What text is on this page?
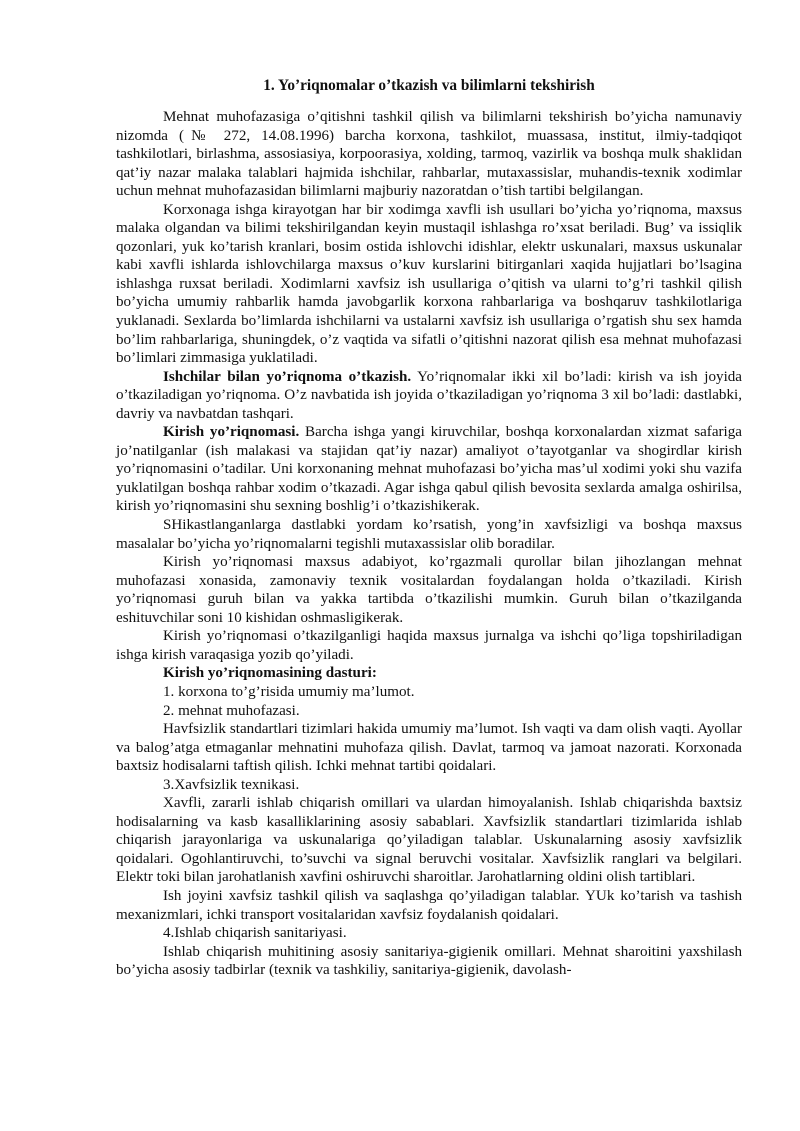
1. Yo’riqnomalar o’tkazish va bilimlarni tekshirish

Mehnat muhofazasiga o’qitishni tashkil qilish va bilimlarni tekshirish bo’yicha namunaviy nizomda (№ 272, 14.08.1996) barcha korxona, tashkilot, muassasa, institut, ilmiy-tadqiqot tashkilotlari, birlashma, assosiasiya, korpoorasiya, xolding, tarmoq, vazirlik va boshqa mulk shaklidan qat’iy nazar malaka talablari hajmida ishchilar, rahbarlar, mutaxassislar, muhandis-texnik xodimlar uchun mehnat muhofazasidan bilimlarni majburiy nazoratdan o’tish tartibi belgilangan.

Korxonaga ishga kirayotgan har bir xodimga xavfli ish usullari bo’yicha yo’riqnoma, maxsus malaka olgandan va bilimi tekshirilgandan keyin mustaqil ishlashga ro’xsat beriladi. Bug’ va issiqlik qozonlari, yuk ko’tarish kranlari, bosim ostida ishlovchi idishlar, elektr uskunalari, maxsus uskunalar kabi xavfli ishlarda ishlovchilarga maxsus o’kuv kurslarini bitirganlari xaqida hujjatlari bo’lsagina ishlashga ruxsat beriladi. Xodimlarni xavfsiz ish usullariga o’qitish va ularni to’g’ri tashkil qilish bo’yicha umumiy rahbarlik hamda javobgarlik korxona rahbarlariga va boshqaruv tashkilotlariga yuklanadi. Sexlarda bo’limlarda ishchilarni va ustalarni xavfsiz ish usullariga o’rgatish shu sex hamda bo’lim rahbarlariga, shuningdek, o’z vaqtida va sifatli o’qitishni nazorat qilish esa mehnat muhofazasi bo’limlari zimmasiga yuklatiladi.

Ishchilar bilan yo’riqnoma o’tkazish. Yo’riqnomalar ikki xil bo’ladi: kirish va ish joyida o’tkaziladigan yo’riqnoma. O’z navbatida ish joyida o’tkaziladigan yo’riqnoma 3 xil bo’ladi: dastlabki, davriy va navbatdan tashqari.

Kirish yo’riqnomasi. Barcha ishga yangi kiruvchilar, boshqa korxonalardan xizmat safariga jo’natilganlar (ish malakasi va stajidan qat’iy nazar) amaliyot o’tayotganlar va shogirdlar kirish yo’riqnomasini o’tadilar. Uni korxonaning mehnat muhofazasi bo’yicha mas’ul xodimi yoki shu vazifa yuklatilgan boshqa rahbar xodim o’tkazadi. Agar ishga qabul qilish bevosita sexlarda amalga oshirilsa, kirish yo’riqnomasini shu sexning boshlig’i o’tkazishikerak.

SHikastlanganlarga dastlabki yordam ko’rsatish, yong’in xavfsizligi va boshqa maxsus masalalar bo’yicha yo’riqnomalarni tegishli mutaxassislar olib boradilar.

Kirish yo’riqnomasi maxsus adabiyot, ko’rgazmali qurollar bilan jihozlangan mehnat muhofazasi xonasida, zamonaviy texnik vositalardan foydalangan holda o’tkaziladi. Kirish yo’riqnomasi guruh bilan va yakka tartibda o’tkazilishi mumkin. Guruh bilan o’tkazilganda eshituvchilar soni 10 kishidan oshmasligikerak.

Kirish yo’riqnomasi o’tkazilganligi haqida maxsus jurnalga va ishchi qo’liga topshiriladigan ishga kirish varaqasiga yozib qo’yiladi.

Kirish yo’riqnomasining dasturi:

1. korxona to’g’risida umumiy ma’lumot.

2. mehnat muhofazasi.

Havfsizlik standartlari tizimlari hakida umumiy ma’lumot. Ish vaqti va dam olish vaqti. Ayollar va balog’atga etmaganlar mehnatini muhofaza qilish. Davlat, tarmoq va jamoat nazorati. Korxonada baxtsiz hodisalarni taftish qilish. Ichki mehnat tartibi qoidalari.

3.Xavfsizlik texnikasi.

Xavfli, zararli ishlab chiqarish omillari va ulardan himoyalanish. Ishlab chiqarishda baxtsiz hodisalarning va kasb kasalliklarining asosiy sabablari. Xavfsizlik standartlari tizimlarida ishlab chiqarish jarayonlariga va uskunalariga qo’yiladigan talablar. Uskunalarning asosiy xavfsizlik qoidalari. Ogohlantiruvchi, to’suvchi va signal beruvchi vositalar. Xavfsizlik ranglari va belgilari. Elektr toki bilan jarohatlanish xavfini oshiruvchi sharoitlar. Jarohatlarning oldini olish tartiblari.

Ish joyini xavfsiz tashkil qilish va saqlashga qo’yiladigan talablar. YUk ko’tarish va tashish mexanizmlari, ichki transport vositalaridan xavfsiz foydalanish qoidalari.

4.Ishlab chiqarish sanitariyasi.

Ishlab chiqarish muhitining asosiy sanitariya-gigienik omillari. Mehnat sharoitini yaxshilash bo’yicha asosiy tadbirlar (texnik va tashkiliy, sanitariya-gigienik, davolash-
